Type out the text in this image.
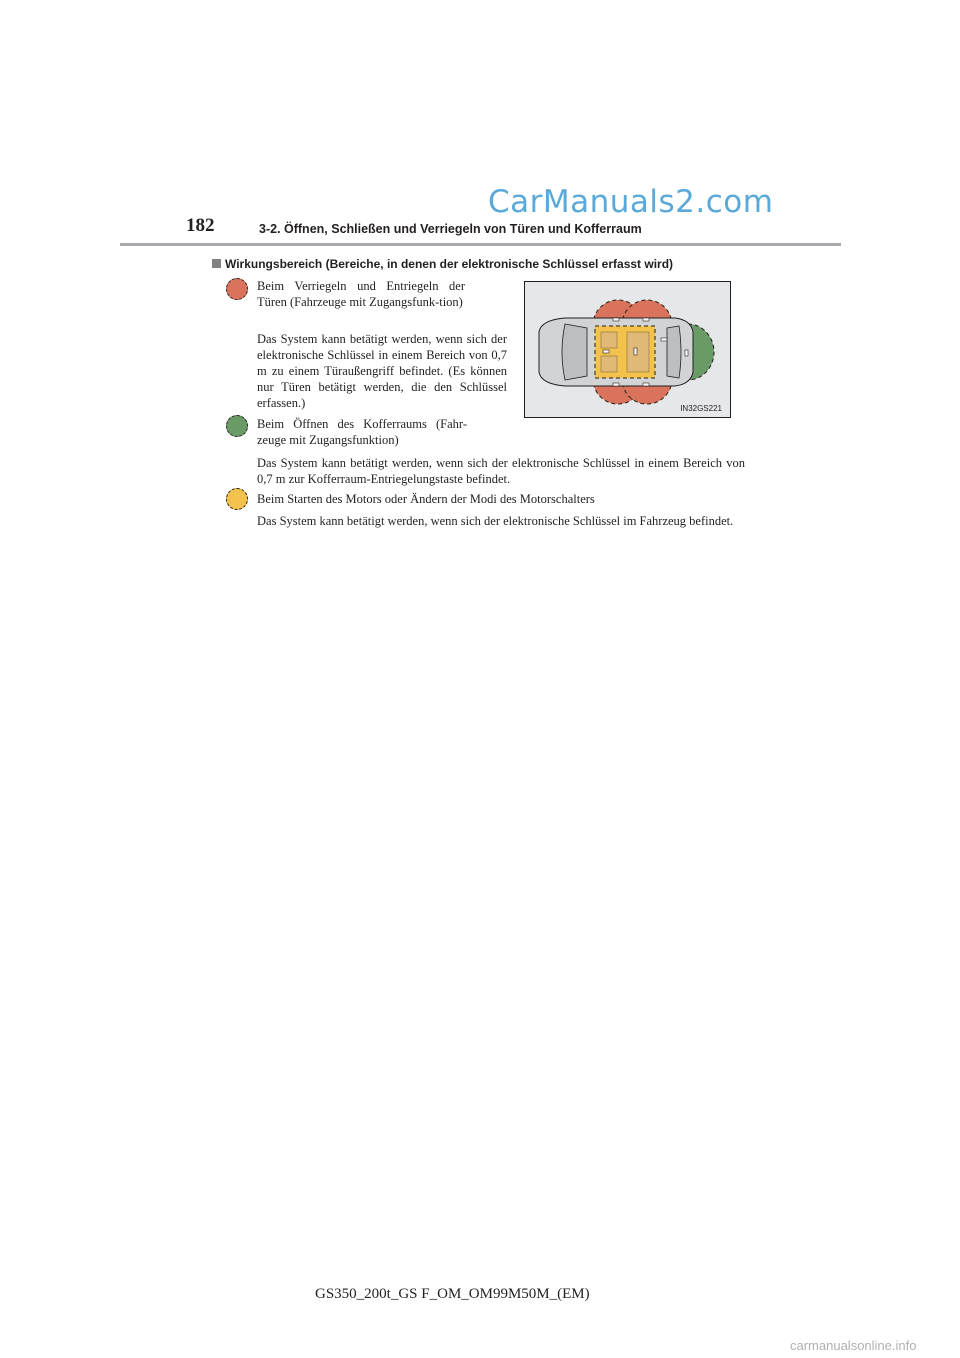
CarManuals2.com
182	3-2. Öffnen, Schließen und Verriegeln von Türen und Kofferraum
Wirkungsbereich (Bereiche, in denen der elektronische Schlüssel erfasst wird)
Beim Verriegeln und Entriegeln der Türen (Fahrzeuge mit Zugangsfunk-tion)
Das System kann betätigt werden, wenn sich der elektronische Schlüssel in einem Bereich von 0,7 m zu einem Türaußengriff befindet. (Es können nur Türen betätigt werden, die den Schlüssel erfassen.)	IN32GS221
Beim Öffnen des Kofferraums (Fahr-zeuge mit Zugangsfunktion)
Das System kann betätigt werden, wenn sich der elektronische Schlüssel in einem Bereich von 0,7 m zur Kofferraum-Entriegelungstaste befindet.
Beim Starten des Motors oder Ändern der Modi des Motorschalters
Das System kann betätigt werden, wenn sich der elektronische Schlüssel im Fahrzeug befindet.
GS350_200t_GS F_OM_OM99M50M_(EM)
carmanualsonline.info
